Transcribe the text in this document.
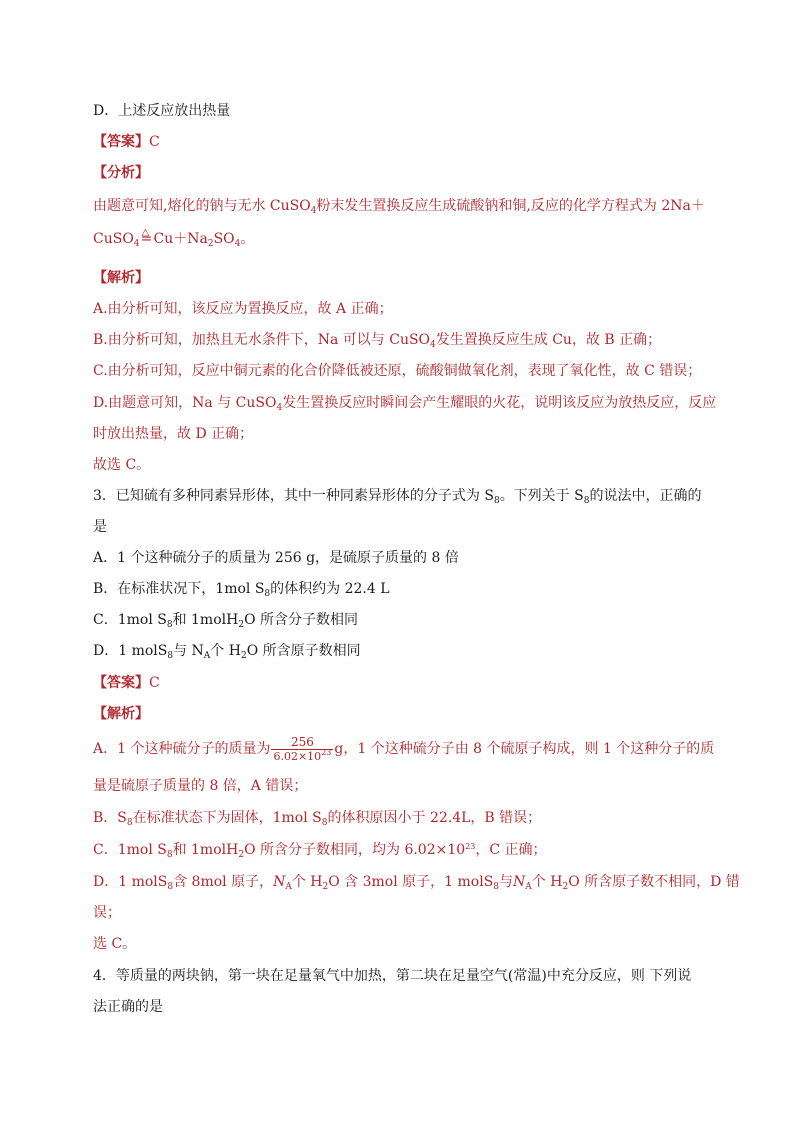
D．上述反应放出热量
【答案】C
【分析】
由题意可知,熔化的钠与无水 CuSO$_4$粉末发生置换反应生成硫酸钠和铜,反应的化学方程式为 2Na＋
CuSO$_4$△ = $Cu+Na_2SO_4$。
【解析】
A.由分析可知，该反应为置换反应，故 A 正确；
B.由分析可知，加热且无水条件下，Na 可以与 CuSO$_4$发生置换反应生成 Cu，故 B 正确；
C.由分析可知，反应中铜元素的化合价降低被还原，硫酸铜做氧化剂，表现了氧化性，故 C 错误；
D.由题意可知，Na 与 CuSO$_4$发生置换反应时瞬间会产生耀眼的火花，说明该反应为放热反应，反应
时放出热量，故 D 正确；
故选 C。
3．已知硫有多种同素异形体，其中一种同素异形体的分子式为 $S_8$。下列关于 $S_8$的说法中，正确的
是
A．1 个这种硫分子的质量为 256 g，是硫原子质量的 8 倍
B．在标准状况下，1mol $S_8$的体积约为 22.4 L
C．1mol $S_8$和 1molH$_2$O 所含分子数相同
D．1 molS$_8$与 $N_A$个 $H_2O$ 所含原子数相同
【答案】C
【解析】
A．1 个这种硫分子的质量为 $\frac{256}{6.02\times 10^{23}}$ g，1 个这种硫分子由 8 个硫原子构成，则 1 个这种分子的质
量是硫原子质量的 8 倍，A 错误；
B．$S_8$在标准状态下为固体，1mol $S_8$的体积原因小于 22.4L，B 错误；
C．1mol $S_8$和 1molH$_2$O 所含分子数相同，均为 $6.02\times 10^{23}$，C 正确；
D．1 molS$_8$含 8mol 原子，$N_A$个 $H_2O$ 含 3mol 原子，1 molS$_8$与$N_A$个 $H_2O$ 所含原子数不相同，D 错
误；
选 C。
4．等质量的两块钠，第一块在足量氧气中加热，第二块在足量空气(常温)中充分反应，则 下列说
法正确的是
